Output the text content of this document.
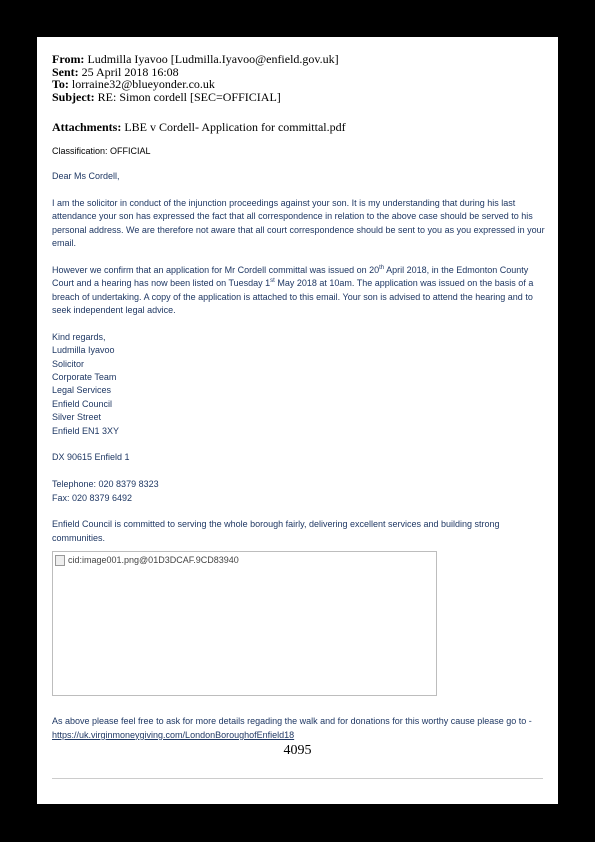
From: Ludmilla Iyavoo [Ludmilla.Iyavoo@enfield.gov.uk]
Sent: 25 April 2018 16:08
To: lorraine32@blueyonder.co.uk
Subject: RE: Simon cordell [SEC=OFFICIAL]
Attachments: LBE v Cordell- Application for committal.pdf
Classification: OFFICIAL

Dear Ms Cordell,

I am the solicitor in conduct of the injunction proceedings against your son. It is my understanding that during his last attendance your son has expressed the fact that all correspondence in relation to the above case should be served to his personal address. We are therefore not aware that all court correspondence should be sent to you as you expressed in your email.

However we confirm that an application for Mr Cordell committal was issued on 20th April 2018, in the Edmonton County Court and a hearing has now been listed on Tuesday 1st May 2018 at 10am. The application was issued on the basis of a breach of undertaking. A copy of the application is attached to this email. Your son is advised to attend the hearing and to seek independent legal advice.

Kind regards,

Ludmilla Iyavoo

Solicitor

Corporate Team

Legal Services

Enfield Council

Silver Street

Enfield EN1 3XY

DX 90615 Enfield 1

Telephone: 020 8379 8323

Fax: 020 8379 6492

Enfield Council is committed to serving the whole borough fairly, delivering excellent services and building strong communities.

cid:image001.png@01D3DCAF.9CD83940

As above please feel free to ask for more details regading the walk and for donations for this worthy cause please go to - https://uk.virginmoneygiving.com/LondonBoroughofEnfield18

4095
